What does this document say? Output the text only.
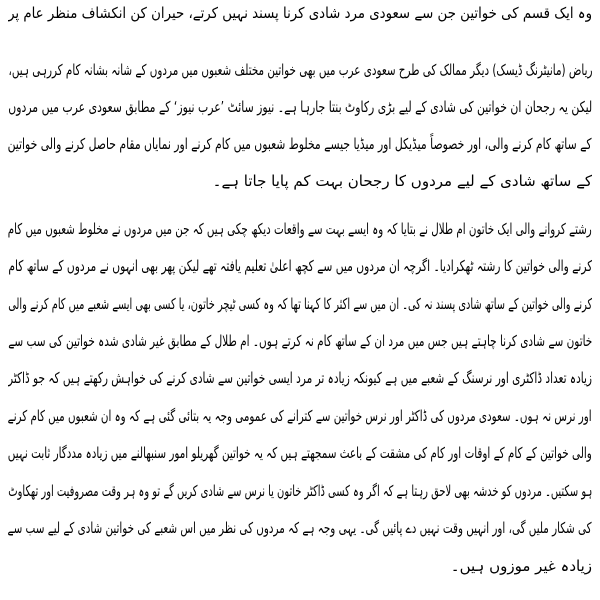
وہ ایک قسم کی خواتین جن سے سعودی مرد شادی کرنا پسند نہیں کرتے، حیران کن انکشاف منظر عام پر
ریاض (مانیٹرنگ ڈیسک) دیگر ممالک کی طرح سعودی عرب میں بھی خواتین مختلف شعبوں میں مردوں کے شانہ بشانہ کام کررہی ہیں،
لیکن یہ رجحان ان خواتین کی شادی کے لیے بڑی رکاوٹ بنتا جارہا ہے۔ نیوز سائٹ ’عرب نیوز‘ کے مطابق سعودی عرب میں مردوں
کے ساتھ کام کرنے والی، اور خصوصاً میڈیکل اور میڈیا جیسے مخلوط شعبوں میں کام کرنے اور نمایاں مقام حاصل کرنے والی خواتین
کے ساتھ شادی کے لیے مردوں کا رجحان بہت کم پایا جاتا ہے۔
رشتے کروانے والی ایک خاتون ام طلال نے بتایا کہ وہ ایسے بہت سے واقعات دیکھ چکی ہیں کہ جن میں مردوں نے مخلوط شعبوں میں کام
کرنے والی خواتین کا رشتہ ٹھکرادیا۔ اگرچہ ان مردوں میں سے کچھ اعلیٰ تعلیم یافتہ تھے لیکن پھر بھی انہوں نے مردوں کے ساتھ کام
کرنے والی خواتین کے ساتھ شادی پسند نہ کی۔ ان میں سے اکثر کا کہنا تھا کہ وہ کسی ٹیچر خاتون، یا کسی بھی ایسے شعبے میں کام کرنے والی
خاتون سے شادی کرنا چاہتے ہیں جس میں مرد ان کے ساتھ کام نہ کرتے ہوں۔ ام طلال کے مطابق غیر شادی شدہ خواتین کی سب سے
زیادہ تعداد ڈاکٹری اور نرسنگ کے شعبے میں ہے کیونکہ زیادہ تر مرد ایسی خواتین سے شادی کرنے کی خواہش رکھتے ہیں کہ جو ڈاکٹر
اور نرس نہ ہوں۔ سعودی مردوں کی ڈاکٹر اور نرس خواتین سے کترانے کی عمومی وجہ یہ بتائی گئی ہے کہ وہ ان شعبوں میں کام کرنے
والی خواتین کے کام کے اوقات اور کام کی مشقت کے باعث سمجھتے ہیں کہ یہ خواتین گھریلو امور سنبھالنے میں زیادہ مددگار ثابت نہیں
ہو سکتیں۔ مردوں کو خدشہ بھی لاحق رہتا ہے کہ اگر وہ کسی ڈاکٹر خاتون یا نرس سے شادی کریں گے تو وہ ہر وقت مصروفیت اور تھکاوٹ
کی شکار ملیں گی، اور انہیں وقت نہیں دے پائیں گی۔ یہی وجہ ہے کہ مردوں کی نظر میں اس شعبے کی خواتین شادی کے لیے سب سے
زیادہ غیر موزوں ہیں۔
